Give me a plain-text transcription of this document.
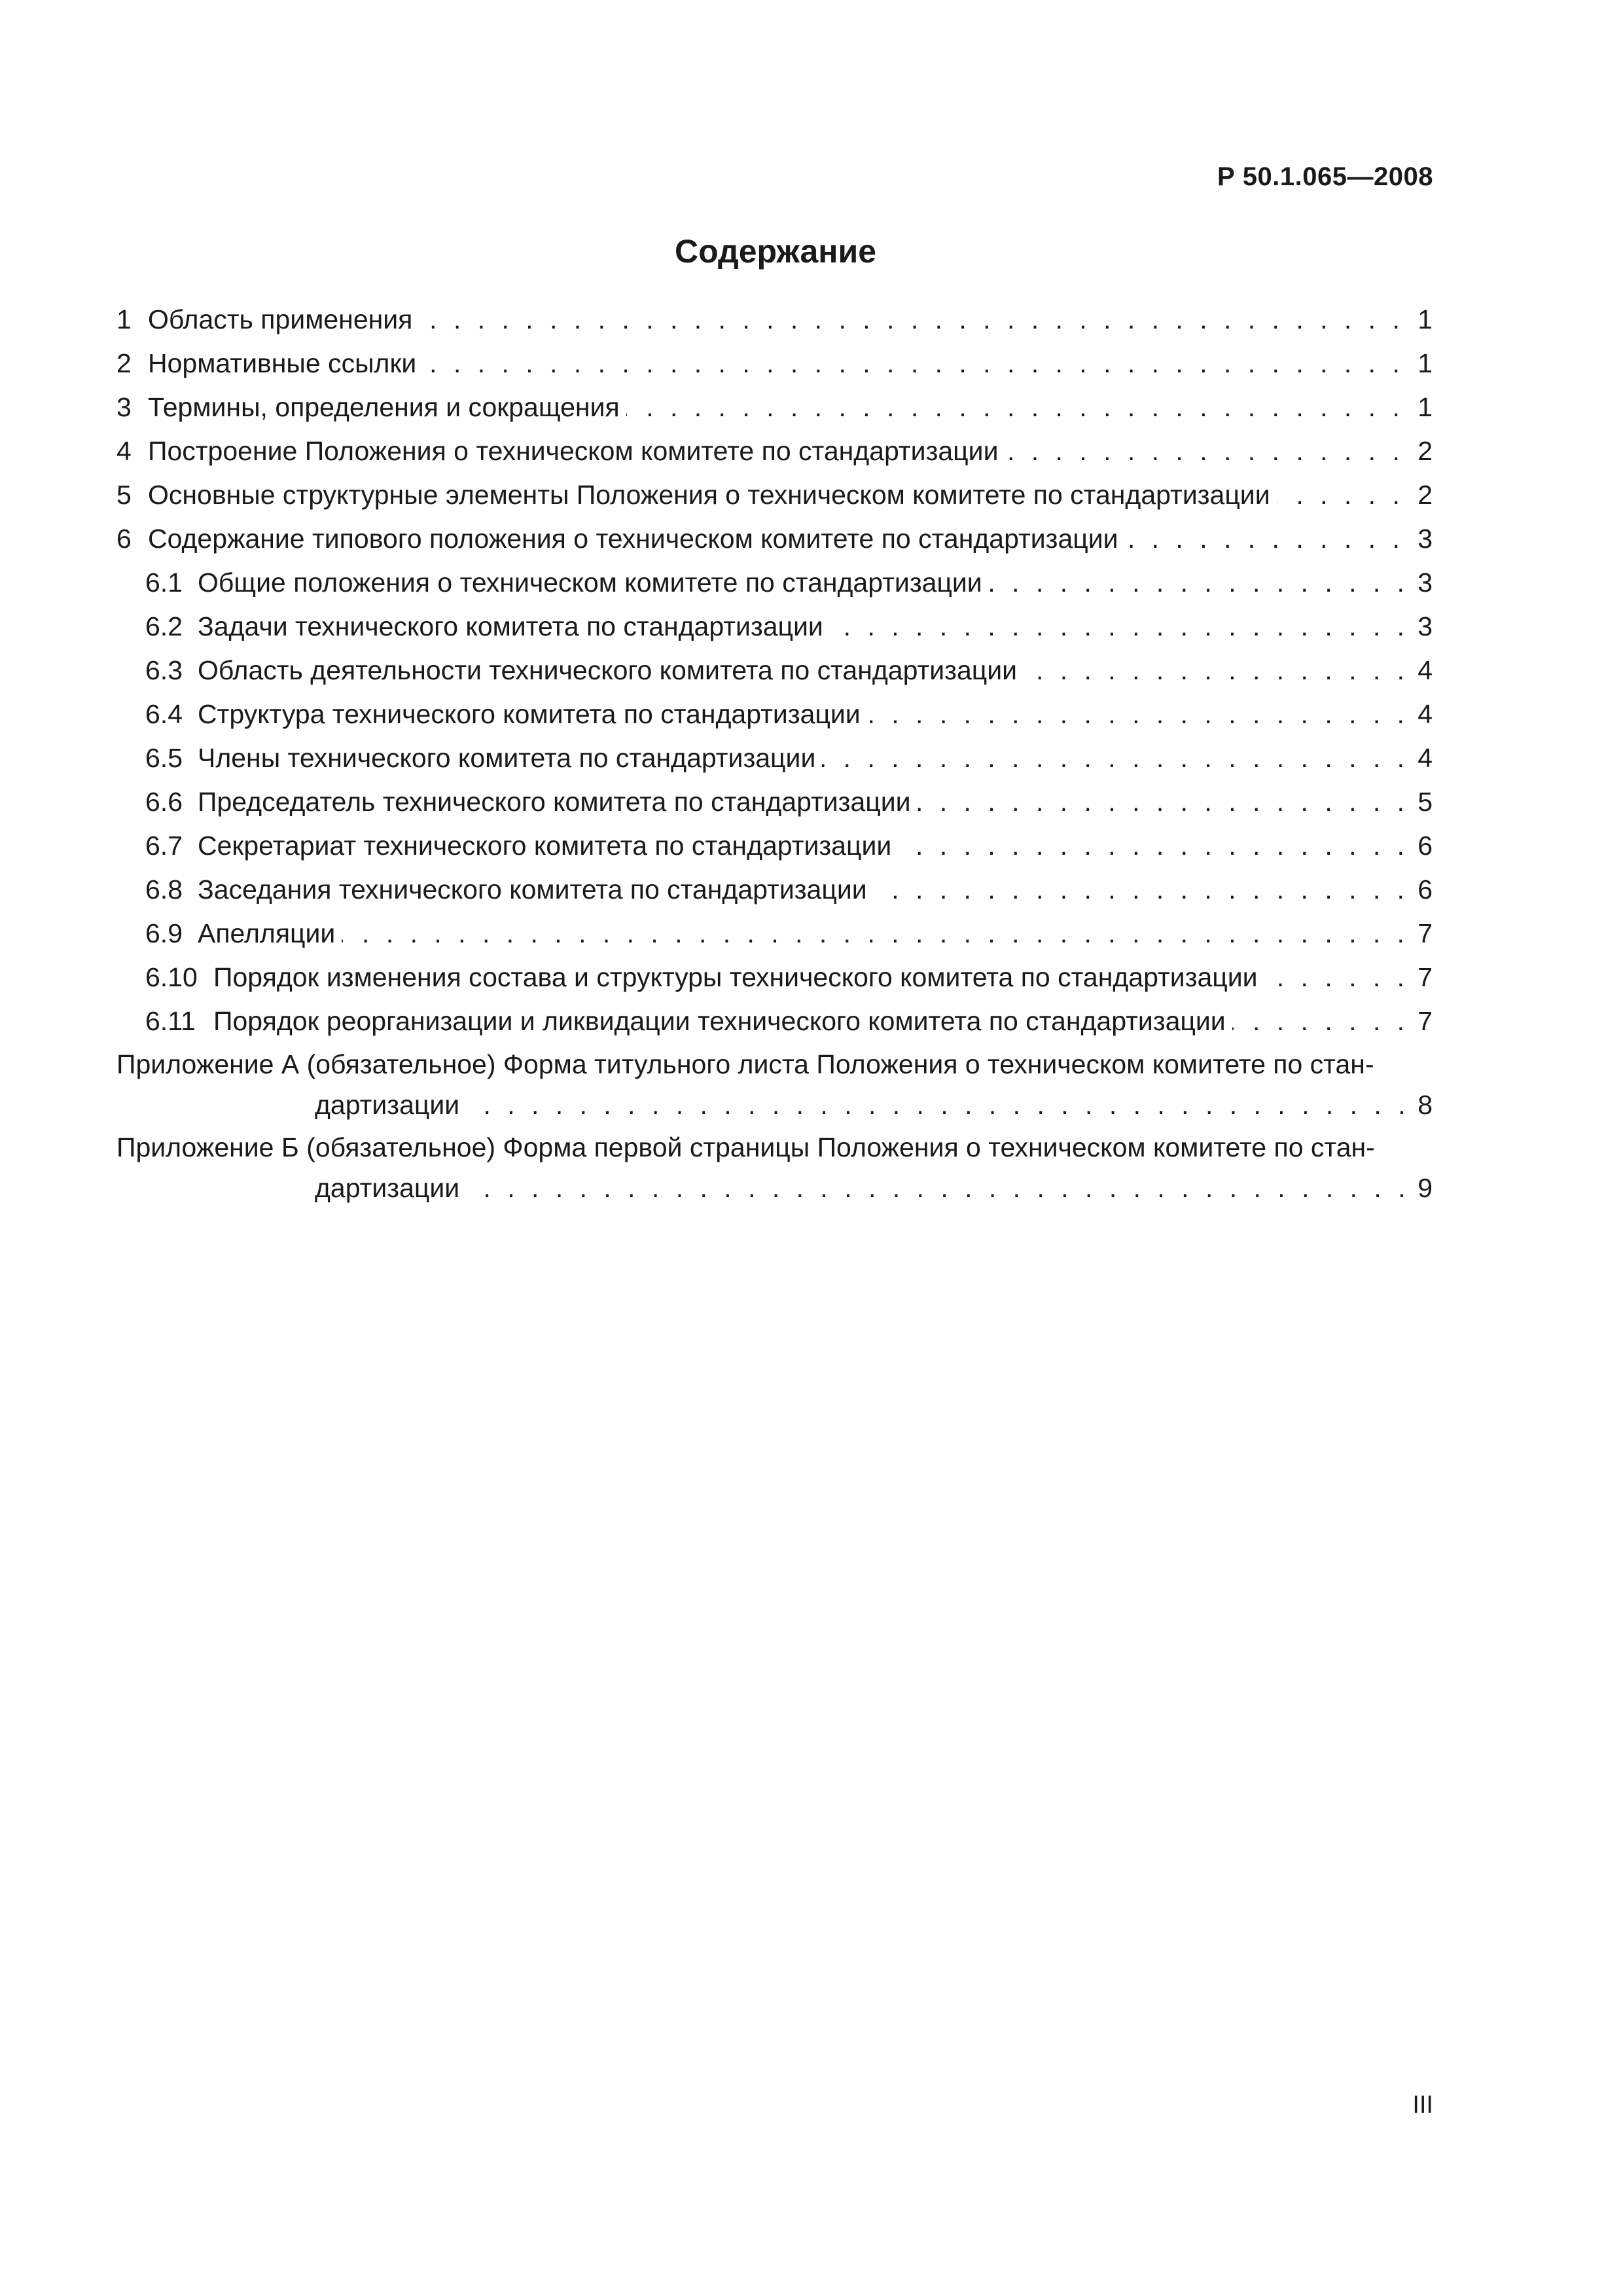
Р 50.1.065—2008
Содержание
. . .
1 Область применения	1
. . .
2 Нормативные ссылки	1
. . .
3 Термины, определения и сокращения	1
. . .
4 Построение Положения о техническом комитете по стандартизации	2
. . .
5 Основные структурные элементы Положения о техническом комитете по стандартизации	2
. . .
6 Содержание типового положения о техническом комитете по стандартизации	3
. . .
6.1 Общие положения о техническом комитете по стандартизации	3
. . .
6.2 Задачи технического комитета по стандартизации	3
. . .
6.3 Область деятельности технического комитета по стандартизации	4
. . .
6.4 Структура технического комитета по стандартизации	4
. . .
6.5 Члены технического комитета по стандартизации	4
. . .
6.6 Председатель технического комитета по стандартизации	5
. . .
6.7 Секретариат технического комитета по стандартизации	6
. . .
6.8 Заседания технического комитета по стандартизации	6
. . .
6.9 Апелляции	7
. . .
6.10 Порядок изменения состава и структуры технического комитета по стандартизации	7
. . .
6.11 Порядок реорганизации и ликвидации технического комитета по стандартизации	7
Приложение А (обязательное) Форма титульного листа Положения о техническом комитете по стан-
. . .
дартизации	8
Приложение Б (обязательное) Форма первой страницы Положения о техническом комитете по стан-
. . .
дартизации	9
III
